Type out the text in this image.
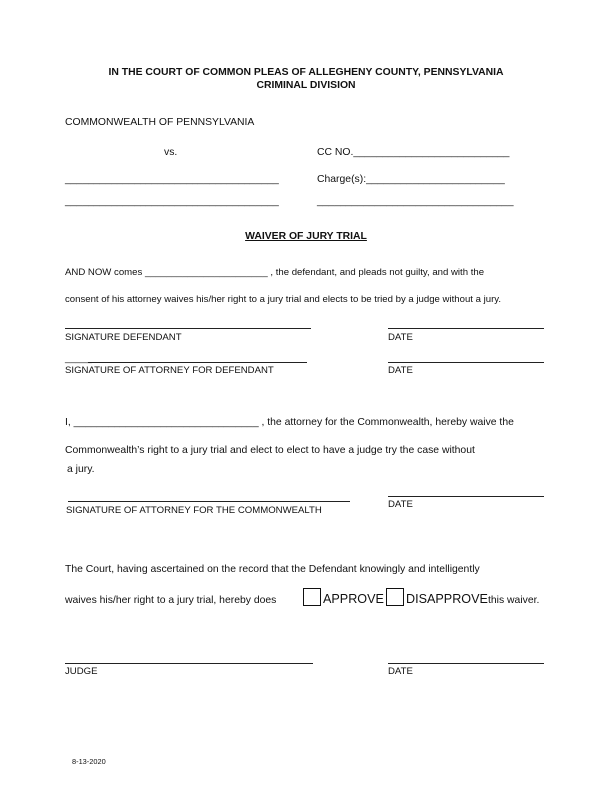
IN THE COURT OF COMMON PLEAS OF ALLEGHENY COUNTY, PENNSYLVANIA
CRIMINAL DIVISION
COMMONWEALTH OF PENNSYLVANIA
vs.	CC NO.___________________________
_____________________________________	Charge(s):________________________
_____________________________________	__________________________________
WAIVER OF JURY TRIAL
AND NOW comes _______________________ , the defendant, and pleads not guilty, and with the
consent of his attorney waives his/her right to a jury trial and elects to be tried by a judge without a jury.
SIGNATURE DEFENDANT	DATE
_____
SIGNATURE OF ATTORNEY FOR DEFENDANT	DATE
I, ________________________________ , the attorney for the Commonwealth, hereby waive the
Commonwealth’s right to a jury trial and elect to elect to have a judge try the case without
a jury.
SIGNATURE OF ATTORNEY FOR THE COMMONWEALTH
DATE
The Court, having ascertained on the record that the Defendant knowingly and intelligently
waives his/her right to a jury trial, hereby does	APPROVE DISAPPROVE this waiver.
JUDGE	DATE
8-13-2020
